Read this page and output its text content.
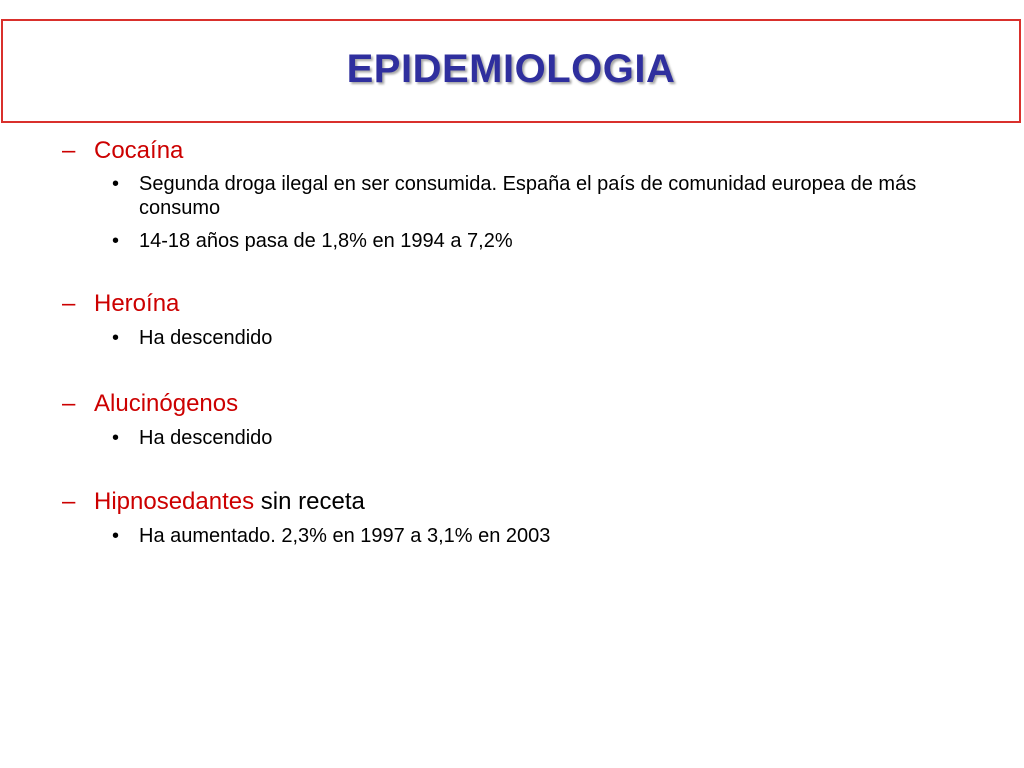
EPIDEMIOLOGIA
– Cocaína
• Segunda droga ilegal en ser consumida. España el país de comunidad europea de más consumo
• 14-18 años pasa de 1,8% en 1994 a 7,2%
– Heroína
• Ha descendido
– Alucinógenos
• Ha descendido
– Hipnosedantes sin receta
• Ha aumentado. 2,3% en 1997 a 3,1% en 2003
